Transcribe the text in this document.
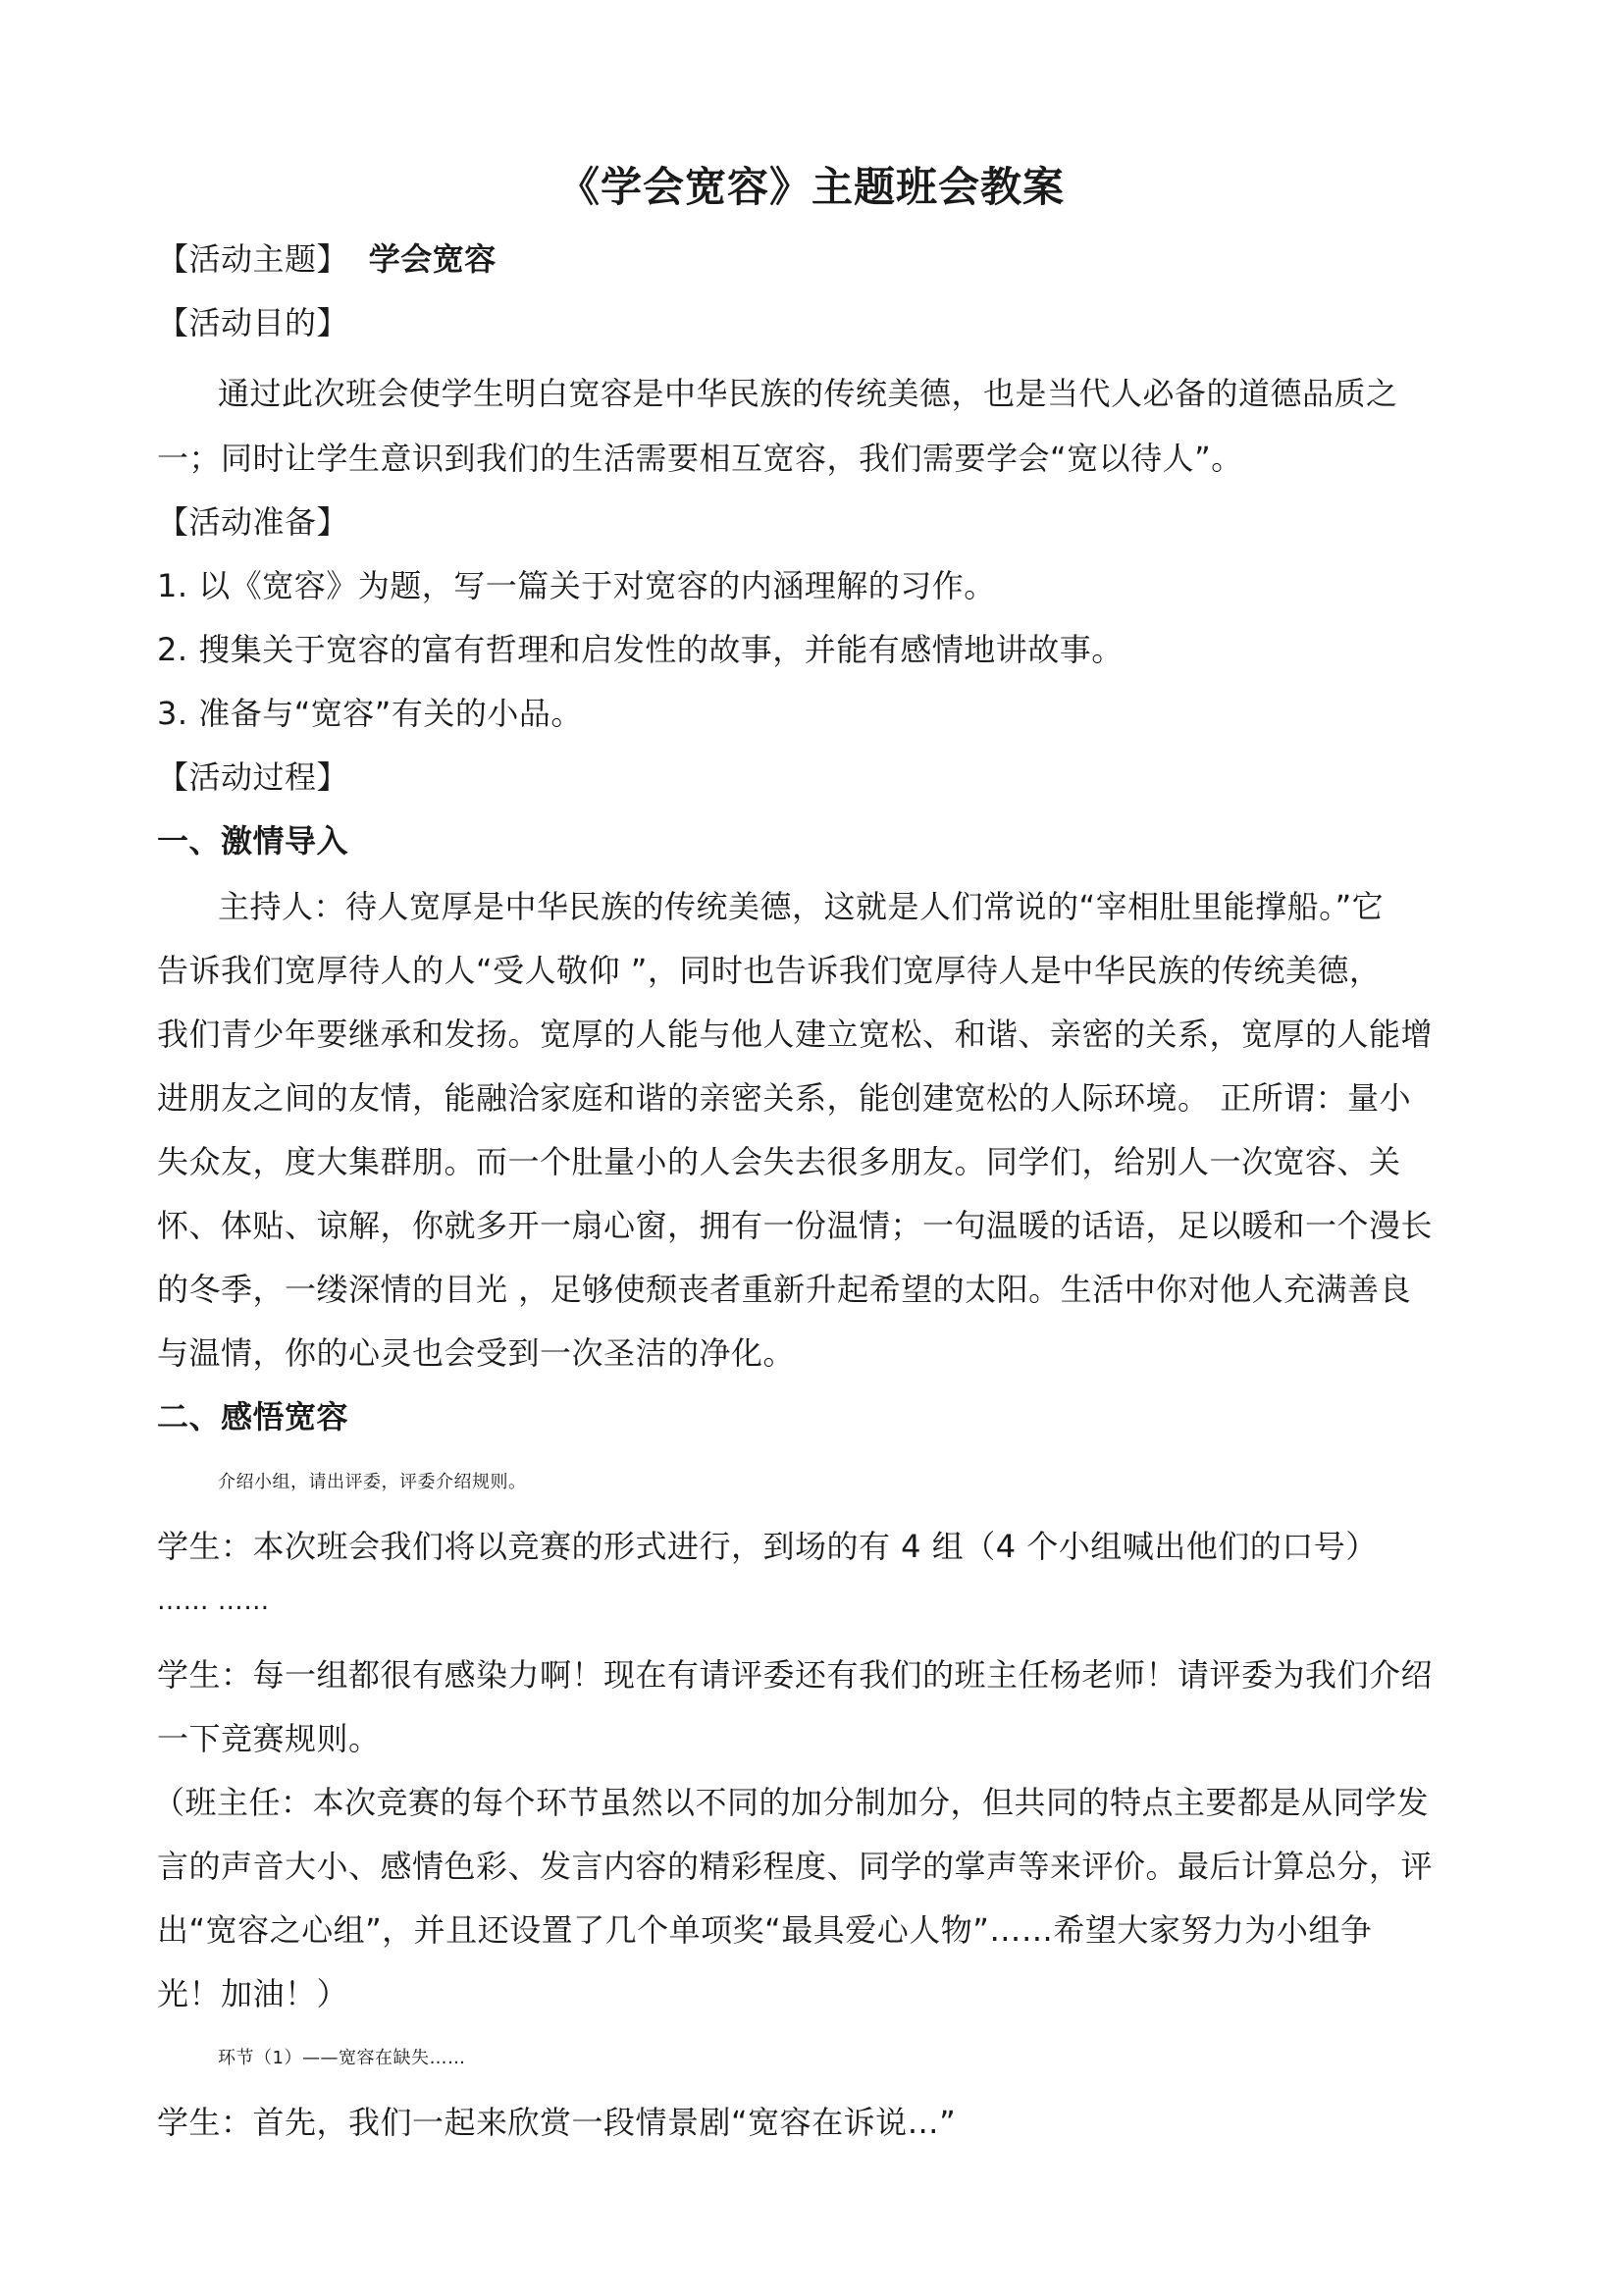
《学会宽容》主题班会教案
【活动主题】 学会宽容
【活动目的】
通过此次班会使学生明白宽容是中华民族的传统美德，也是当代人必备的道德品质之
一；同时让学生意识到我们的生活需要相互宽容，我们需要学会“宽以待人”。
【活动准备】
1. 以《宽容》为题，写一篇关于对宽容的内涵理解的习作。
2. 搜集关于宽容的富有哲理和启发性的故事，并能有感情地讲故事。
3. 准备与“宽容”有关的小品。
【活动过程】
一、激情导入
主持人：待人宽厚是中华民族的传统美德，这就是人们常说的“宰相肚里能撑船。”它
告诉我们宽厚待人的人“受人敬仰 ”，同时也告诉我们宽厚待人是中华民族的传统美德，
我们青少年要继承和发扬。宽厚的人能与他人建立宽松、和谐、亲密的关系，宽厚的人能增
进朋友之间的友情，能融洽家庭和谐的亲密关系，能创建宽松的人际环境。 正所谓：量小
失众友，度大集群朋。而一个肚量小的人会失去很多朋友。同学们，给别人一次宽容、关
怀、体贴、谅解，你就多开一扇心窗，拥有一份温情；一句温暖的话语，足以暖和一个漫长
的冬季，一缕深情的目光 ，足够使颓丧者重新升起希望的太阳。生活中你对他人充满善良
与温情，你的心灵也会受到一次圣洁的净化。
二、感悟宽容
介绍小组，请出评委，评委介绍规则。
学生：本次班会我们将以竞赛的形式进行，到场的有 4 组（4 个小组喊出他们的口号）
…… ……
学生：每一组都很有感染力啊！现在有请评委还有我们的班主任杨老师！请评委为我们介绍
一下竞赛规则。
（班主任：本次竞赛的每个环节虽然以不同的加分制加分，但共同的特点主要都是从同学发
言的声音大小、感情色彩、发言内容的精彩程度、同学的掌声等来评价。最后计算总分，评
出“宽容之心组”，并且还设置了几个单项奖“最具爱心人物”……希望大家努力为小组争
光！加油！）
环节（1）——宽容在缺失……
学生：首先，我们一起来欣赏一段情景剧“宽容在诉说…”
